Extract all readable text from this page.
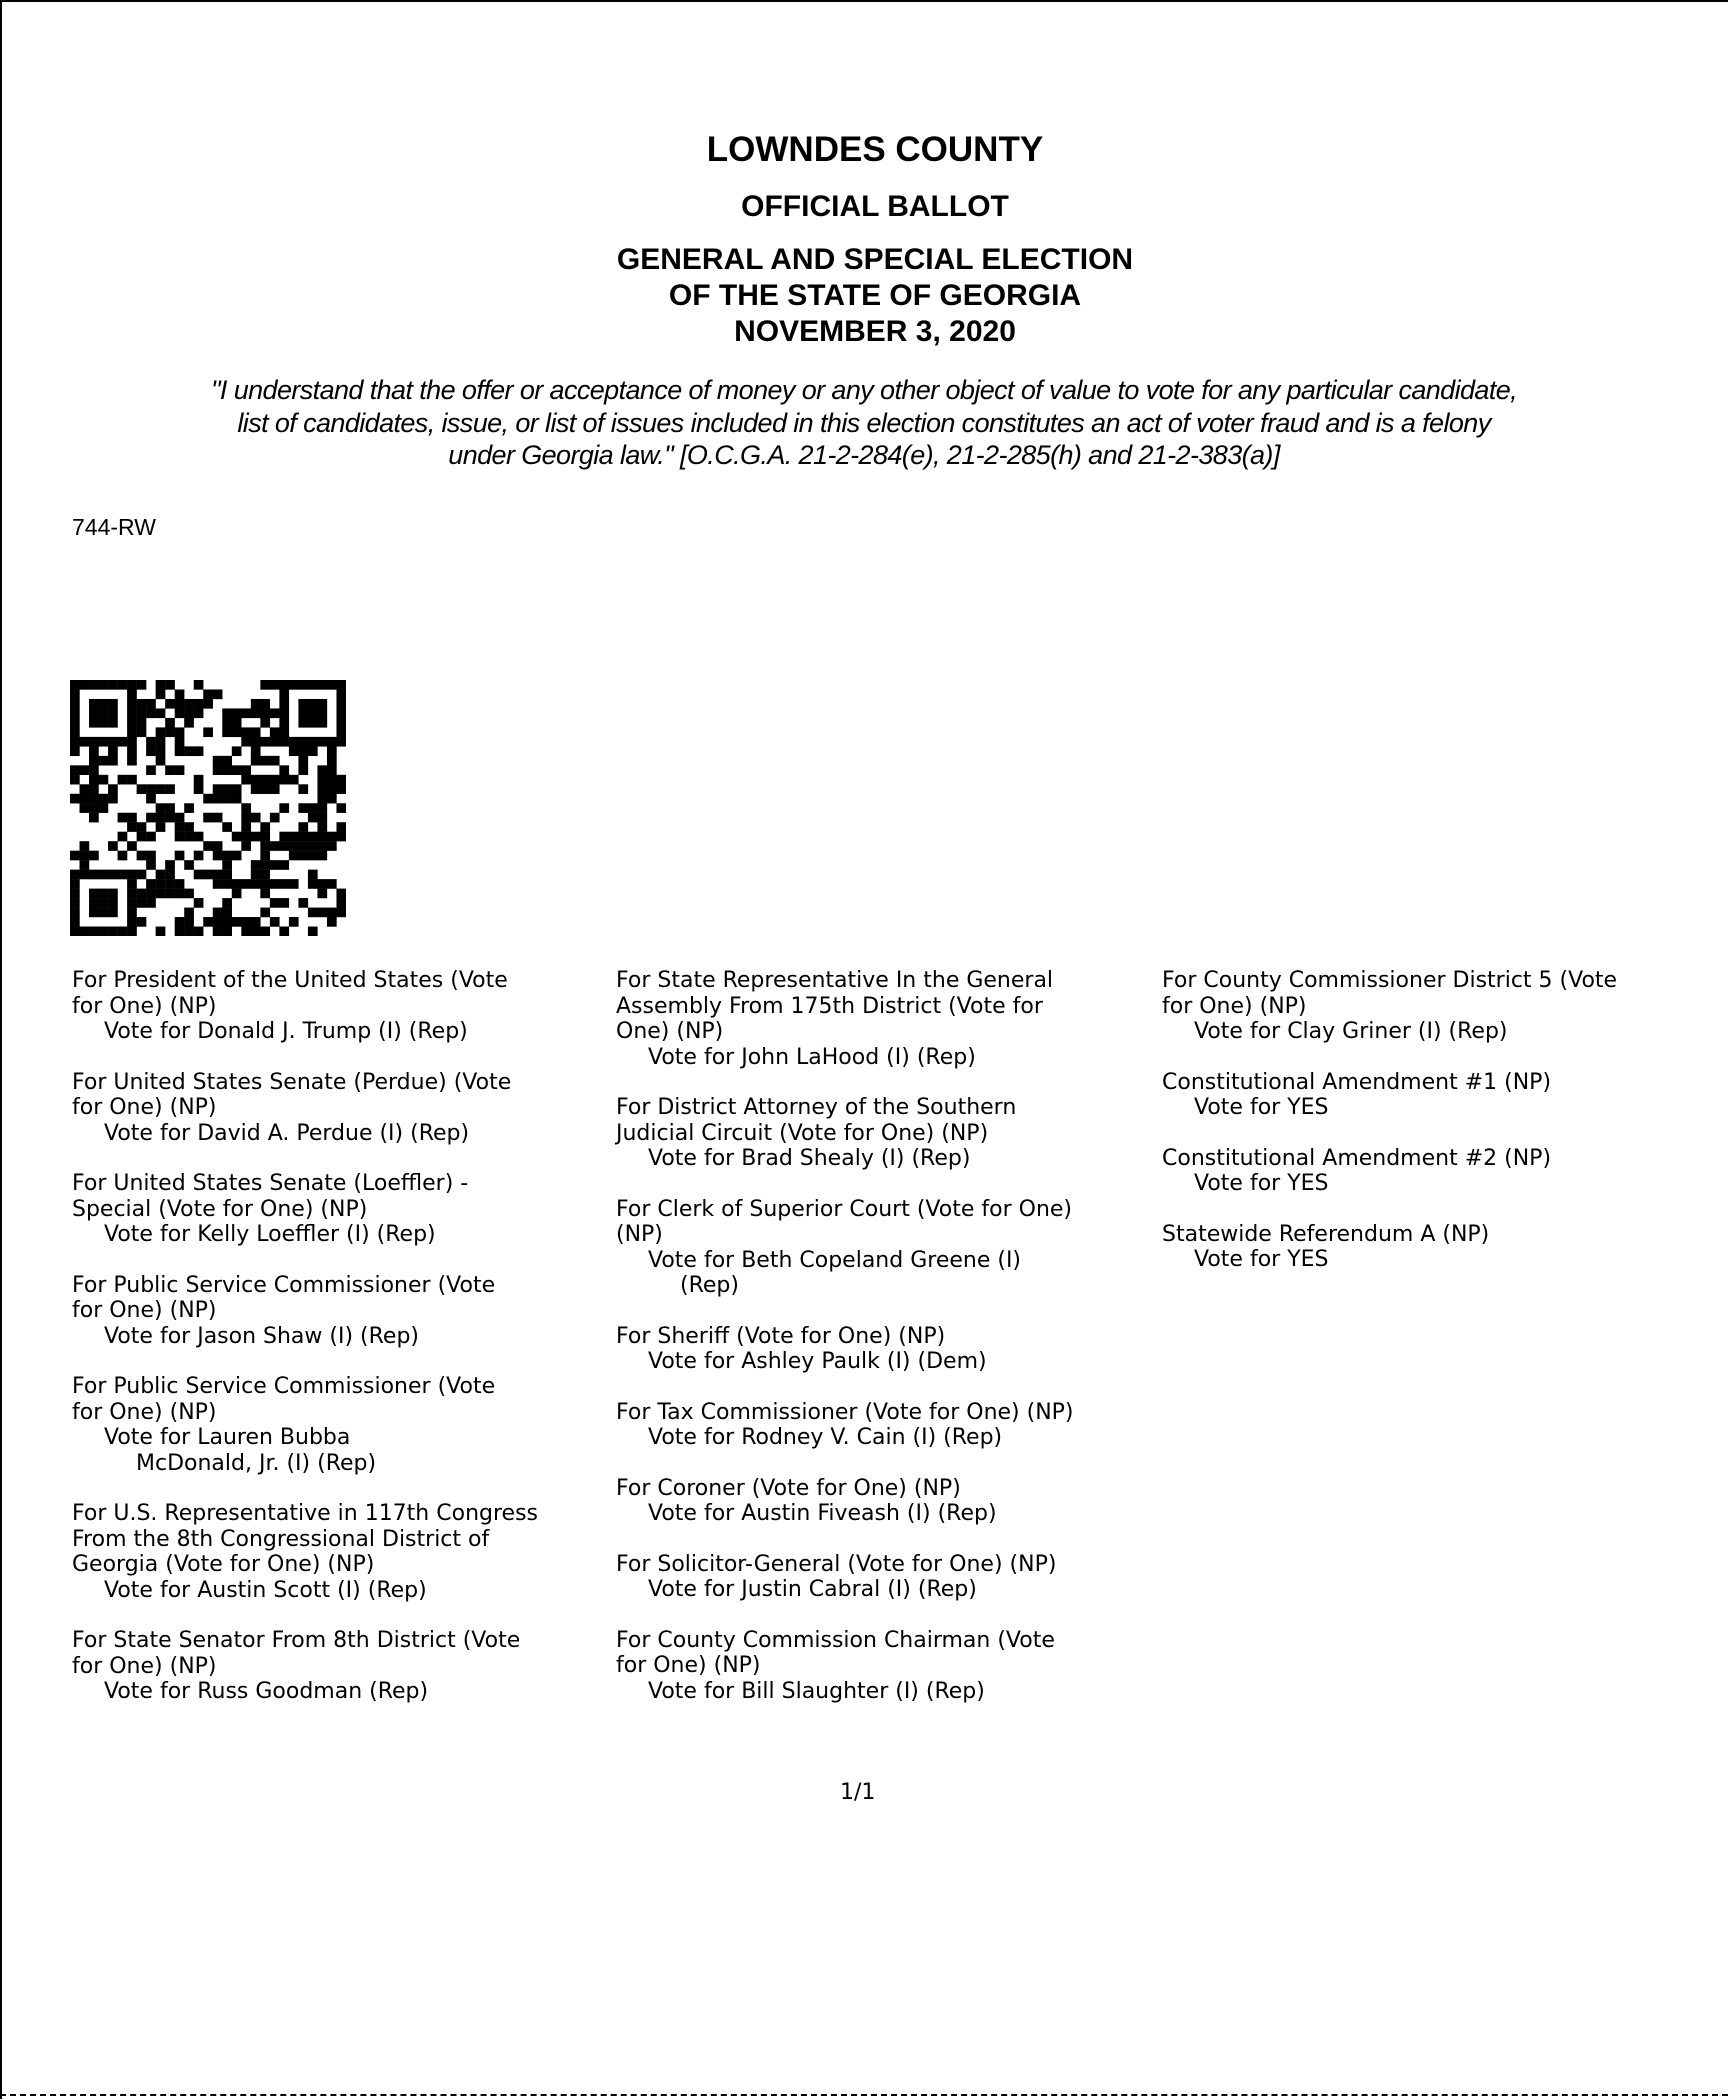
LOWNDES COUNTY
OFFICIAL BALLOT
GENERAL AND SPECIAL ELECTION
OF THE STATE OF GEORGIA
NOVEMBER 3, 2020
"I understand that the offer or acceptance of money or any other object of value to vote for any particular candidate,
list of candidates, issue, or list of issues included in this election constitutes an act of voter fraud and is a felony
under Georgia law." [O.C.G.A. 21-2-284(e), 21-2-285(h) and 21-2-383(a)]
744-RW
For President of the United States (Vote
for One) (NP)
Vote for Donald J. Trump (I) (Rep)
For United States Senate (Perdue) (Vote
for One) (NP)
Vote for David A. Perdue (I) (Rep)
For United States Senate (Loeffler) -
Special (Vote for One) (NP)
Vote for Kelly Loeffler (I) (Rep)
For Public Service Commissioner (Vote
for One) (NP)
Vote for Jason Shaw (I) (Rep)
For Public Service Commissioner (Vote
for One) (NP)
Vote for Lauren Bubba
McDonald, Jr. (I) (Rep)
For U.S. Representative in 117th Congress
From the 8th Congressional District of
Georgia (Vote for One) (NP)
Vote for Austin Scott (I) (Rep)
For State Senator From 8th District (Vote
for One) (NP)
Vote for Russ Goodman (Rep)
For State Representative In the General
Assembly From 175th District (Vote for
One) (NP)
Vote for John LaHood (I) (Rep)
For District Attorney of the Southern
Judicial Circuit (Vote for One) (NP)
Vote for Brad Shealy (I) (Rep)
For Clerk of Superior Court (Vote for One)
(NP)
Vote for Beth Copeland Greene (I)
(Rep)
For Sheriff (Vote for One) (NP)
Vote for Ashley Paulk (I) (Dem)
For Tax Commissioner (Vote for One) (NP)
Vote for Rodney V. Cain (I) (Rep)
For Coroner (Vote for One) (NP)
Vote for Austin Fiveash (I) (Rep)
For Solicitor-General (Vote for One) (NP)
Vote for Justin Cabral (I) (Rep)
For County Commission Chairman (Vote
for One) (NP)
Vote for Bill Slaughter (I) (Rep)
For County Commissioner District 5 (Vote
for One) (NP)
Vote for Clay Griner (I) (Rep)
Constitutional Amendment #1 (NP)
Vote for YES
Constitutional Amendment #2 (NP)
Vote for YES
Statewide Referendum A (NP)
Vote for YES
1/1
